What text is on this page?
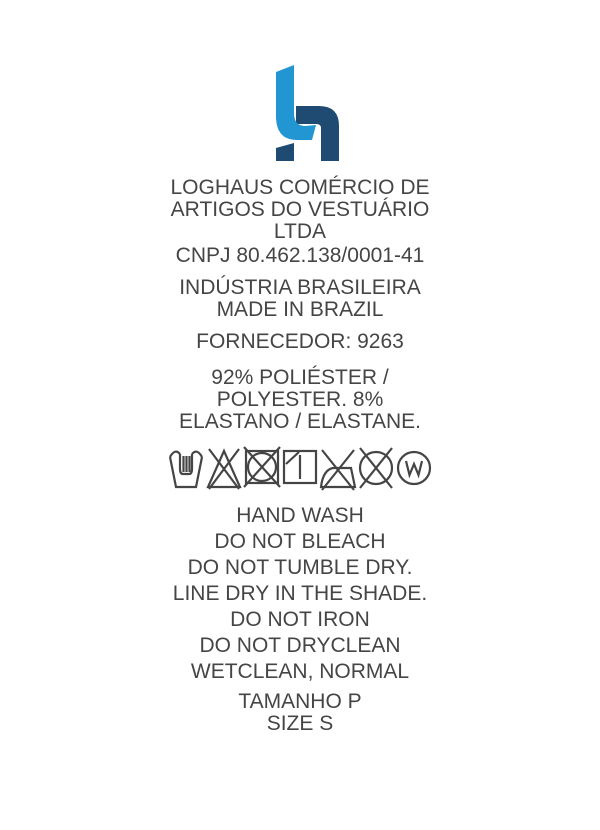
LOGHAUS COMÉRCIO DE
ARTIGOS DO VESTUÁRIO
LTDA
CNPJ 80.462.138/0001-41
INDÚSTRIA BRASILEIRA
MADE IN BRAZIL
FORNECEDOR: 9263
92% POLIÉSTER /
POLYESTER. 8%
ELASTANO / ELASTANE.
HAND WASH
DO NOT BLEACH
DO NOT TUMBLE DRY.
LINE DRY IN THE SHADE.
DO NOT IRON
DO NOT DRYCLEAN
WETCLEAN, NORMAL
TAMANHO P
SIZE S
